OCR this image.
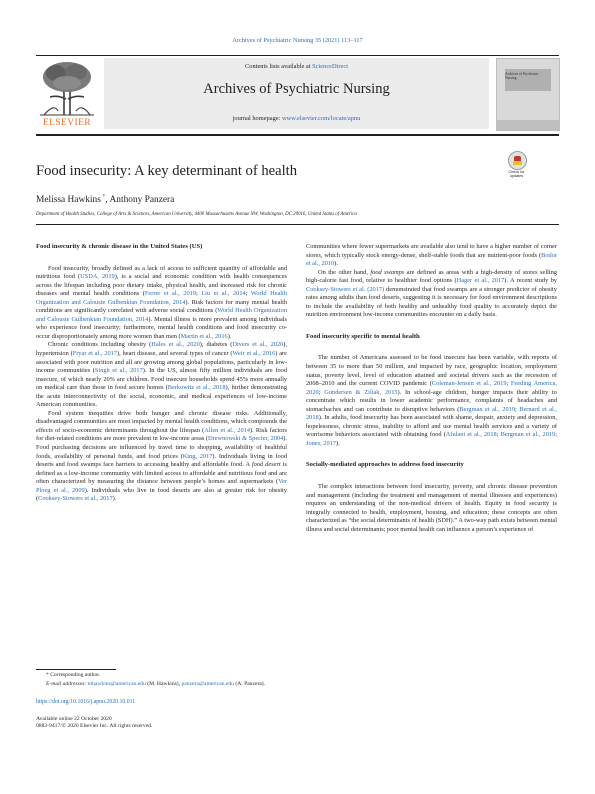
Archives of Psychiatric Nursing 35 (2021) 113–117
ELSEVIER
Contents lists available at ScienceDirect
Archives of Psychiatric Nursing
journal homepage: www.elsevier.com/locate/apnu
Archives of Psychiatric Nursing
Food insecurity: A key determinant of health	Check for updates
Melissa Hawkins *, Anthony Panzera
Department of Health Studies, College of Arts & Sciences, American University, 4400 Massachusetts Avenue NW, Washington, DC 20016, United States of America

Food insecurity & chronic disease in the United States (US)

Food insecurity, broadly defined as a lack of access to sufficient quantity of affordable and nutritious food (USDA, 2019), is a social and economic condition with health consequences across the lifespan including poor dietary intake, physical health, and increased risk for chronic diseases and mental health conditions (Ferrer et al., 2019; Liu et al., 2014; World Health Organization and Calouste Gulbenkian Foundation, 2014). Risk factors for many mental health conditions are significantly correlated with adverse social conditions (World Health Organization and Calouste Gulbenkian Foundation, 2014). Mental illness is more prevalent among individuals who experience food insecurity; furthermore, mental health conditions and food insecurity co-occur disproportionately among more women than men (Martin et al., 2016).

Chronic conditions including obesity (Hales et al., 2020), diabetes (Divers et al., 2020), hypertension (Fryar et al., 2017), heart disease, and several types of cancer (Weir et al., 2016) are associated with poor nutrition and all are growing among global populations, particularly in low-income communities (Singh et al., 2017). In the US, almost fifty million individuals are food insecure, of which nearly 20% are children. Food insecure households spend 45% more annually on medical care than those in food secure homes (Berkowitz et al., 2018), further demonstrating the acute interconnectivity of the social, economic, and medical experiences of low-income American communities.

Food system inequities drive both hunger and chronic disease risks. Additionally, disadvantaged communities are most impacted by mental health conditions, which compounds the effects of socio-economic determinants throughout the lifespan (Allen et al., 2014). Risk factors for diet-related conditions are more prevalent in low-income areas (Drewnowski & Specter, 2004). Food purchasing decisions are influenced by travel time to shopping, availability of healthful foods, availability of personal funds, and food prices (King, 2017). Individuals living in food deserts and food swamps face barriers to accessing healthy and affordable food. A food desert is defined as a low-income community with limited access to affordable and nutritious food and are often characterized by measuring the distance between people’s homes and supermarkets (Ver Ploeg et al., 2009). Individuals who live in food deserts are also at greater risk for obesity (Cooksey-Stowers et al., 2017).

Communities where fewer supermarkets are available also tend to have a higher number of corner stores, which typically stock energy-dense, shelf-stable foods that are nutrient-poor foods (Bodor et al., 2010).

On the other hand, food swamps are defined as areas with a high-density of stores selling high-calorie fast food, relative to healthier food options (Hager et al., 2017). A recent study by Cooksey-Stowers et al. (2017) demonstrated that food swamps are a stronger predictor of obesity rates among adults than food deserts, suggesting it is necessary for food environment descriptions to include the availability of both healthy and unhealthy food quality to accurately depict the nutrition environment low-income communities encounter on a daily basis.

Food insecurity specific to mental health

The number of Americans assessed to be food insecure has been variable, with reports of between 35 to more than 50 million, and impacted by race, geographic location, employment status, poverty level, level of education attained and societal drivers such as the recession of 2008–2010 and the current COVID pandemic (Coleman-Jensen et al., 2019; Feeding America, 2020; Gundersen & Ziliak, 2015). In school-age children, hunger impacts their ability to concentrate which results in lower academic performance, complaints of headaches and stomachaches and can contribute to disruptive behaviors (Bergman et al., 2019; Bernard et al., 2018). In adults, food insecurity has been associated with shame, despair, anxiety and depression, hopelessness, chronic stress, inability to afford and use mental health services and a variety of worrisome behaviors associated with obtaining food (Afulani et al., 2018; Bergman et al., 2019; Jones, 2017).

Socially-mediated approaches to address food insecurity

The complex interactions between food insecurity, poverty, and chronic disease prevention and management (including the treatment and management of mental illnesses and experiences) requires an understanding of the non-medical drivers of health. Equity in food security is integrally connected to health, employment, housing, and education; these concepts are often characterized as “the social determinants of health (SDH).” A two-way path exists between mental illness and social determinants; poor mental health can influence a person’s experience of

* Corresponding author.
E-mail addresses: mhawkins@american.edu (M. Hawkins), panzera@american.edu (A. Panzera).
https://doi.org/10.1016/j.apnu.2020.10.011
Available online 22 October 2020
0883-9417/© 2020 Elsevier Inc. All rights reserved.
